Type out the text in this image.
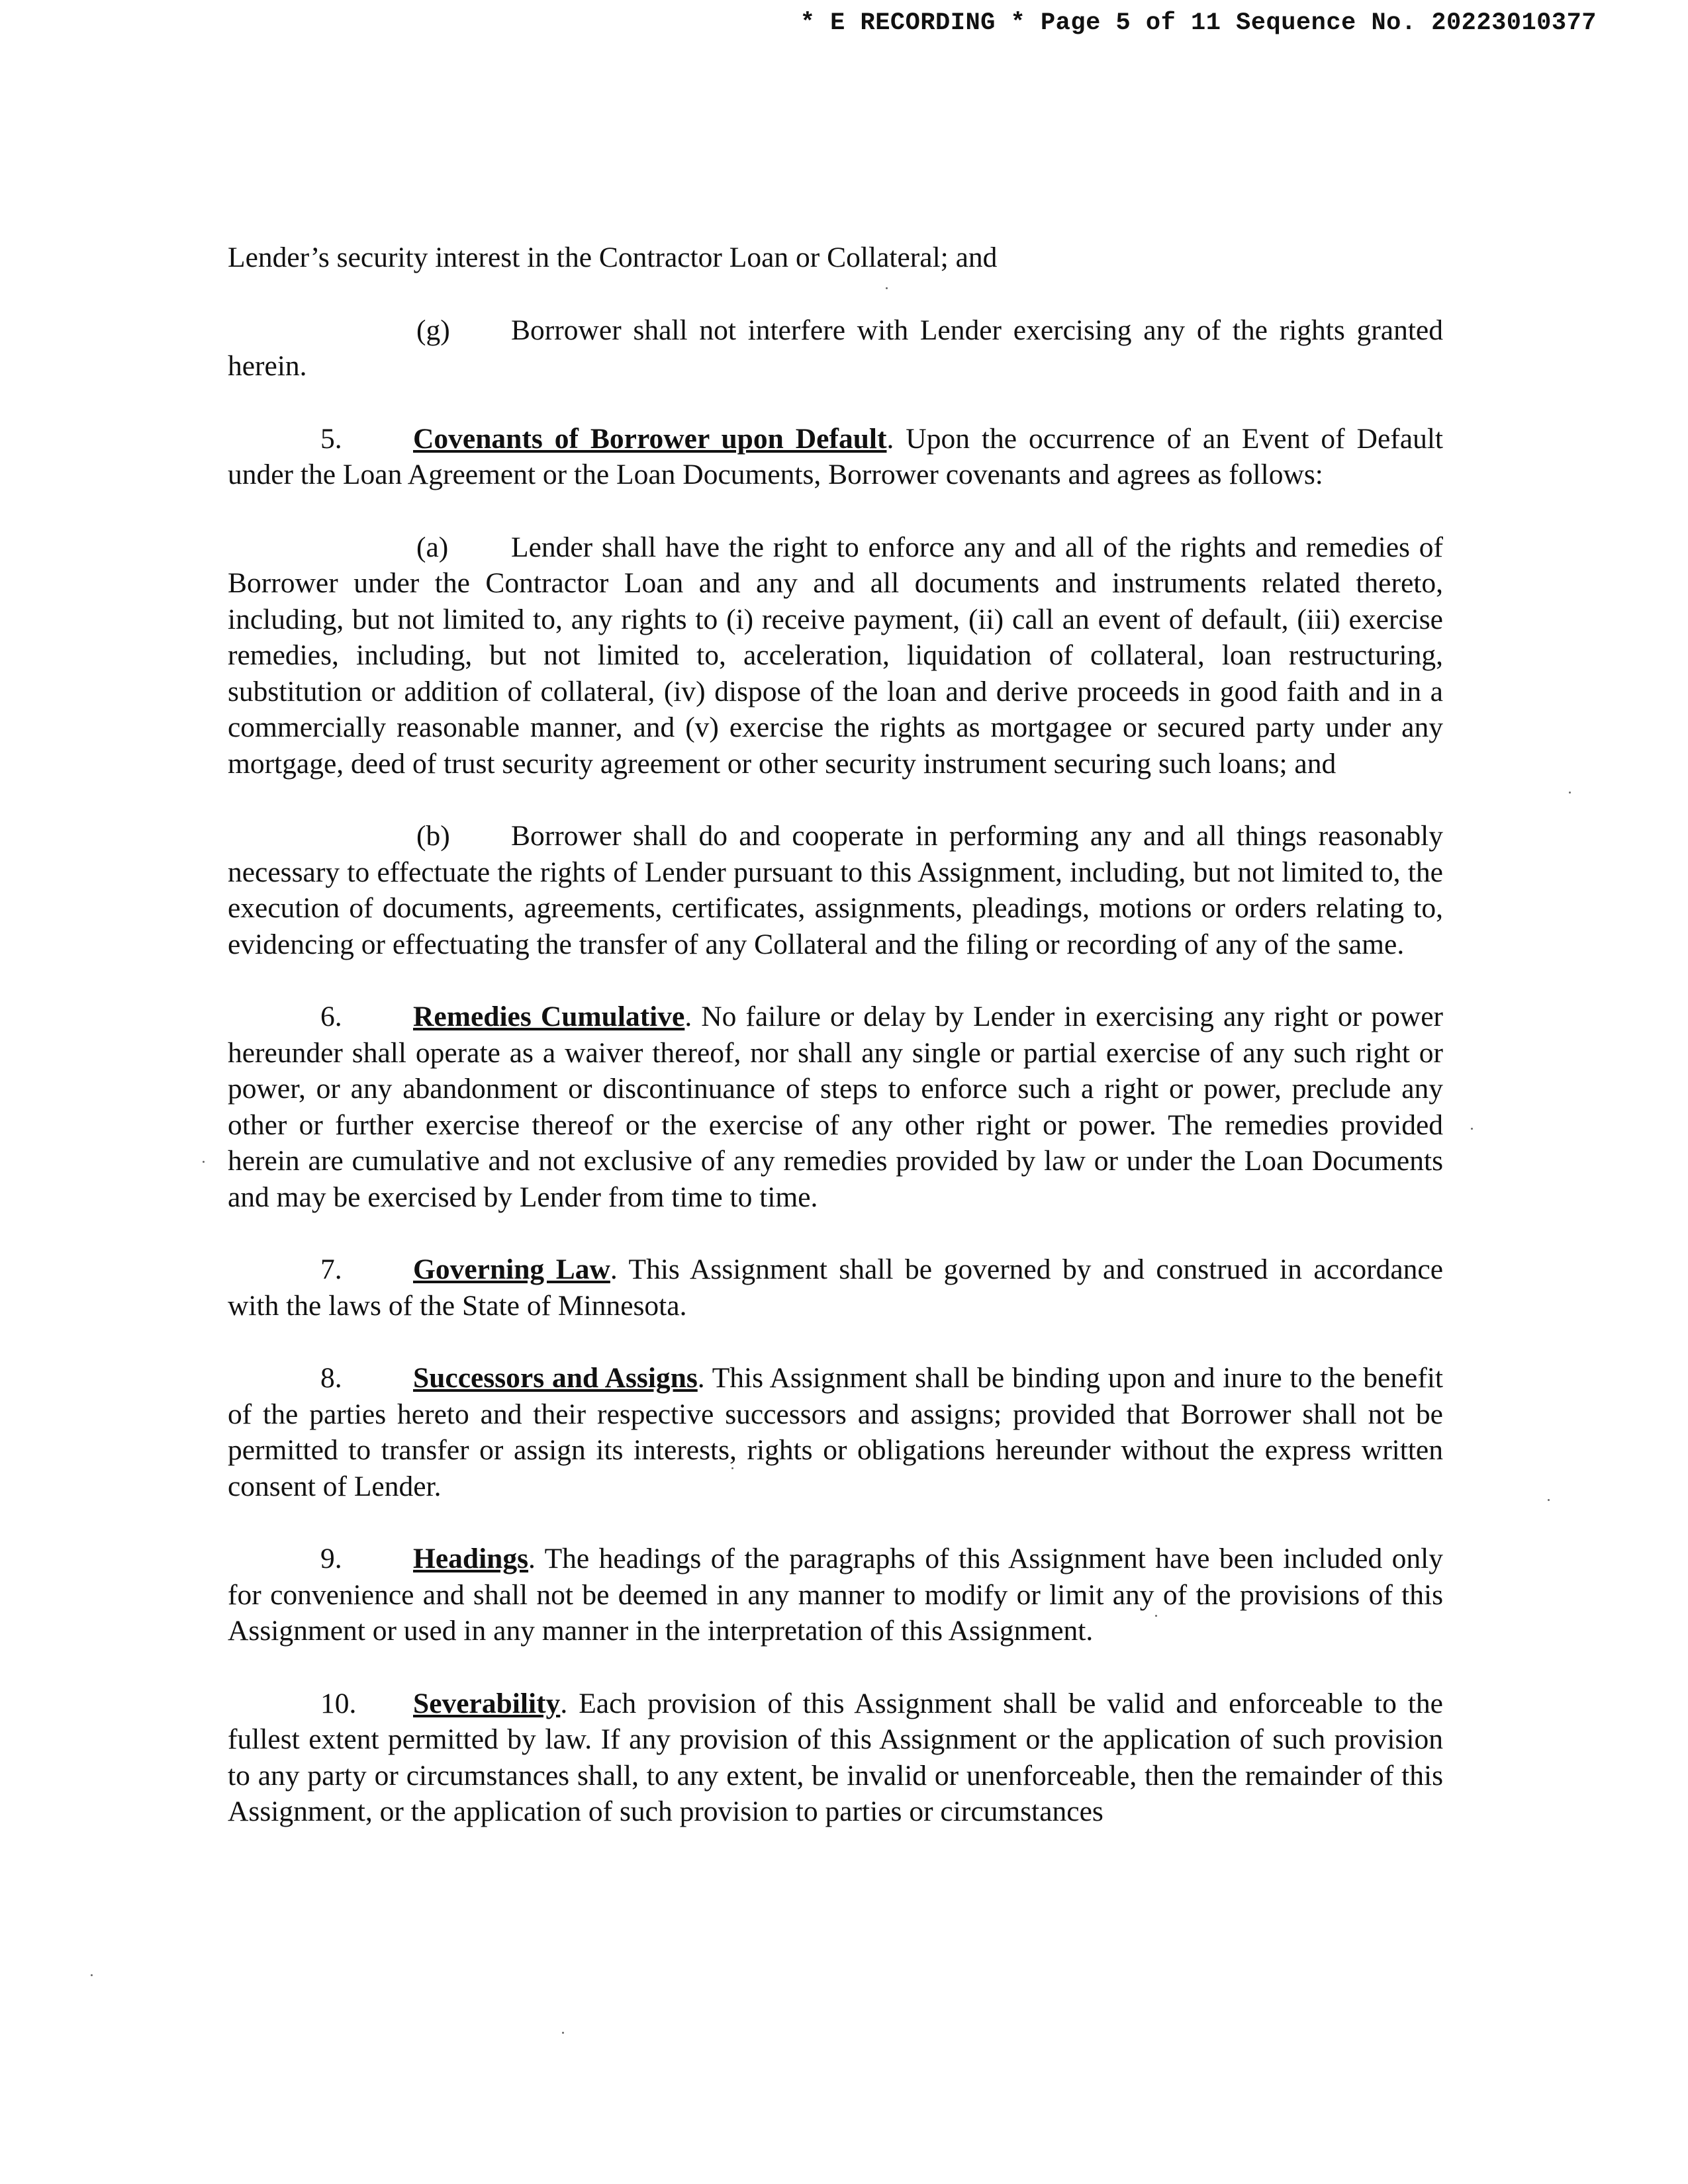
* E RECORDING * Page 5 of 11 Sequence No. 20223010377

Lender’s security interest in the Contractor Loan or Collateral; and

(g) Borrower shall not interfere with Lender exercising any of the rights granted herein.

5. Covenants of Borrower upon Default. Upon the occurrence of an Event of Default under the Loan Agreement or the Loan Documents, Borrower covenants and agrees as follows:

(a) Lender shall have the right to enforce any and all of the rights and remedies of Borrower under the Contractor Loan and any and all documents and instruments related thereto, including, but not limited to, any rights to (i) receive payment, (ii) call an event of default, (iii) exercise remedies, including, but not limited to, acceleration, liquidation of collateral, loan restructuring, substitution or addition of collateral, (iv) dispose of the loan and derive proceeds in good faith and in a commercially reasonable manner, and (v) exercise the rights as mortgagee or secured party under any mortgage, deed of trust security agreement or other security instrument securing such loans; and

(b) Borrower shall do and cooperate in performing any and all things reasonably necessary to effectuate the rights of Lender pursuant to this Assignment, including, but not limited to, the execution of documents, agreements, certificates, assignments, pleadings, motions or orders relating to, evidencing or effectuating the transfer of any Collateral and the filing or recording of any of the same.

6. Remedies Cumulative. No failure or delay by Lender in exercising any right or power hereunder shall operate as a waiver thereof, nor shall any single or partial exercise of any such right or power, or any abandonment or discontinuance of steps to enforce such a right or power, preclude any other or further exercise thereof or the exercise of any other right or power. The remedies provided herein are cumulative and not exclusive of any remedies provided by law or under the Loan Documents and may be exercised by Lender from time to time.

7. Governing Law. This Assignment shall be governed by and construed in accordance with the laws of the State of Minnesota.

8. Successors and Assigns. This Assignment shall be binding upon and inure to the benefit of the parties hereto and their respective successors and assigns; provided that Borrower shall not be permitted to transfer or assign its interests, rights or obligations hereunder without the express written consent of Lender.

9. Headings. The headings of the paragraphs of this Assignment have been included only for convenience and shall not be deemed in any manner to modify or limit any of the provisions of this Assignment or used in any manner in the interpretation of this Assignment.

10. Severability. Each provision of this Assignment shall be valid and enforceable to the fullest extent permitted by law. If any provision of this Assignment or the application of such provision to any party or circumstances shall, to any extent, be invalid or unenforceable, then the remainder of this Assignment, or the application of such provision to parties or circumstances
